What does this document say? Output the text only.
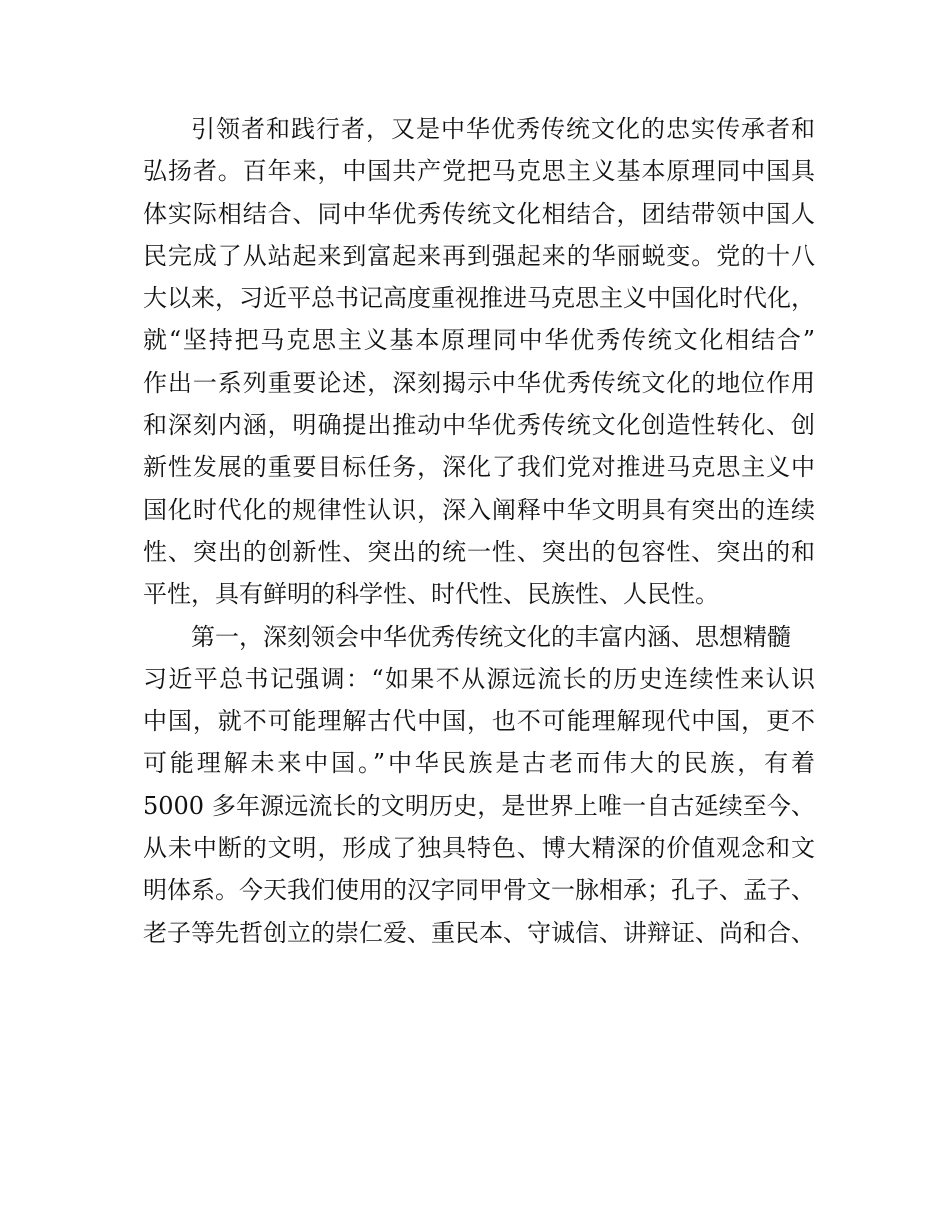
引领者和践行者，又是中华优秀传统文化的忠实传承者和
弘扬者。百年来，中国共产党把马克思主义基本原理同中国具
体实际相结合、同中华优秀传统文化相结合，团结带领中国人
民完成了从站起来到富起来再到强起来的华丽蜕变。党的十八
大以来，习近平总书记高度重视推进马克思主义中国化时代化，
就“坚持把马克思主义基本原理同中华优秀传统文化相结合”
作出一系列重要论述，深刻揭示中华优秀传统文化的地位作用
和深刻内涵，明确提出推动中华优秀传统文化创造性转化、创
新性发展的重要目标任务，深化了我们党对推进马克思主义中
国化时代化的规律性认识，深入阐释中华文明具有突出的连续
性、突出的创新性、突出的统一性、突出的包容性、突出的和
平性，具有鲜明的科学性、时代性、民族性、人民性。
第一，深刻领会中华优秀传统文化的丰富内涵、思想精髓
习近平总书记强调：“如果不从源远流长的历史连续性来认识
中国，就不可能理解古代中国，也不可能理解现代中国，更不
可能理解未来中国。”中华民族是古老而伟大的民族，有着
5000 多年源远流长的文明历史，是世界上唯一自古延续至今、
从未中断的文明，形成了独具特色、博大精深的价值观念和文
明体系。今天我们使用的汉字同甲骨文一脉相承；孔子、孟子、
老子等先哲创立的崇仁爱、重民本、守诚信、讲辩证、尚和合、
